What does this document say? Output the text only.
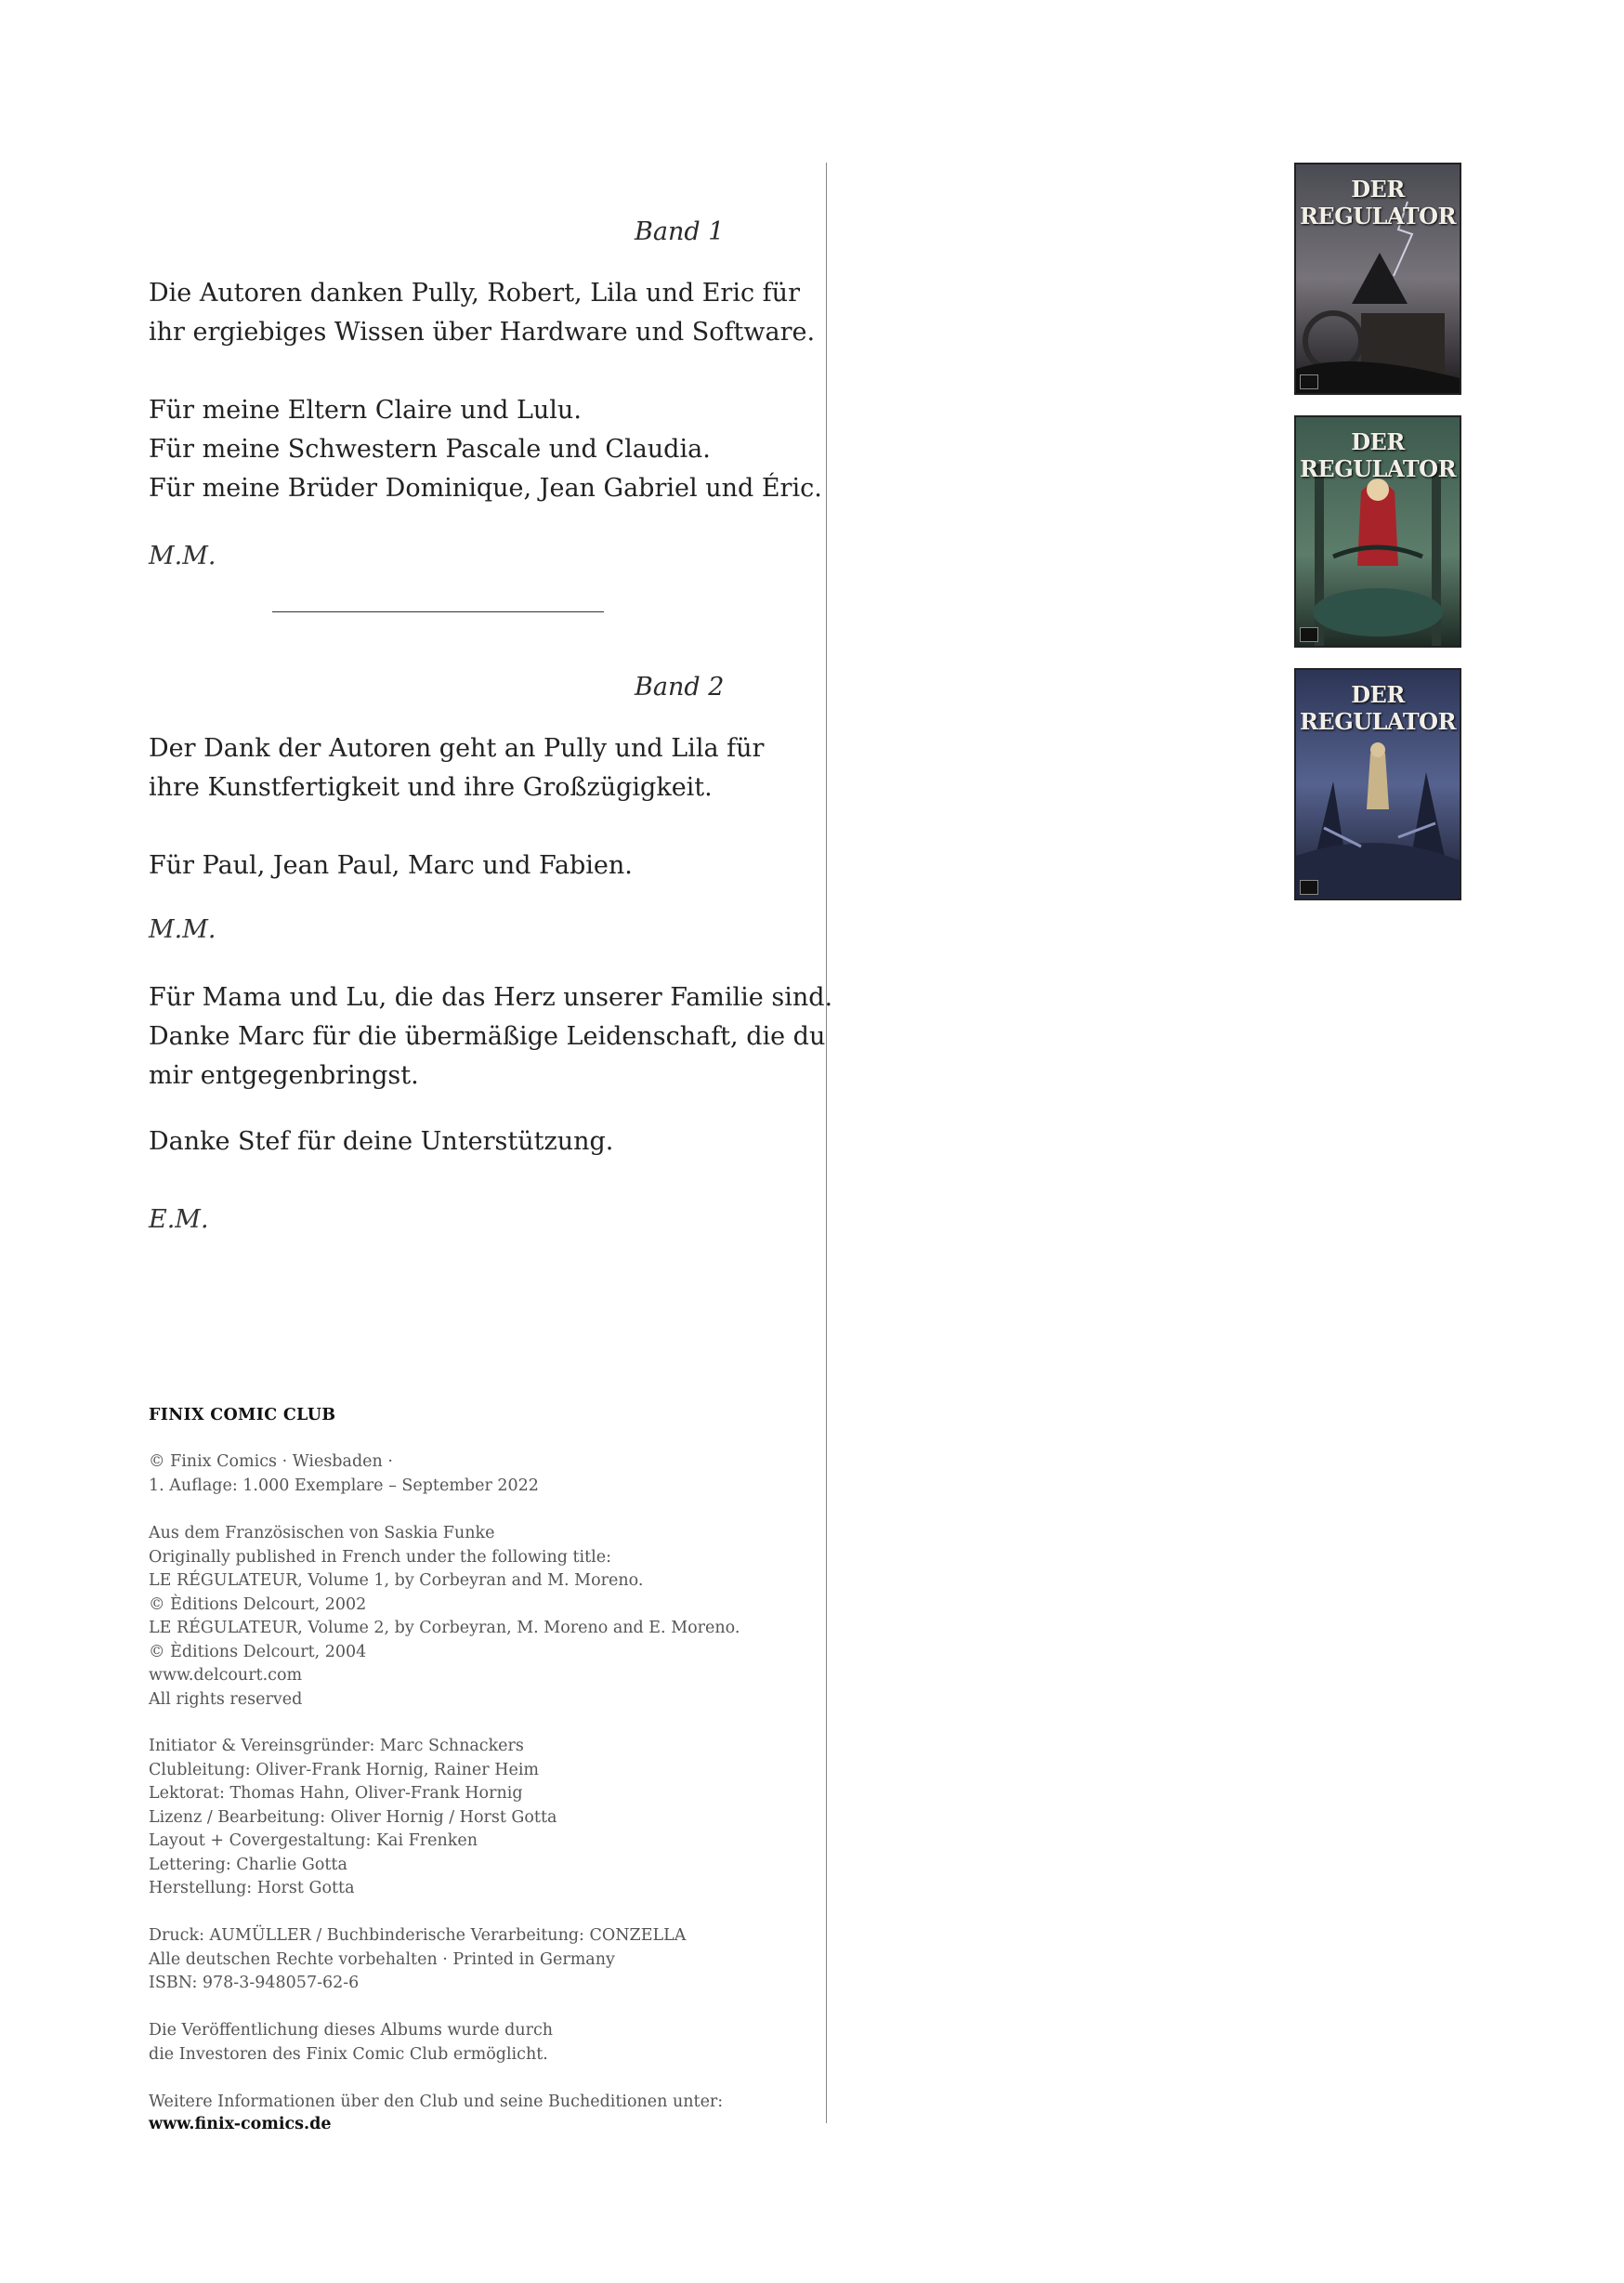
Band 1

Die Autoren danken Pully, Robert, Lila und Eric für

ihr ergiebiges Wissen über Hardware und Software.

Für meine Eltern Claire und Lulu.

Für meine Schwestern Pascale und Claudia.

Für meine Brüder Dominique, Jean Gabriel und Éric.

M.M.
Band 2

Der Dank der Autoren geht an Pully und Lila für

ihre Kunstfertigkeit und ihre Großzügigkeit.

Für Paul, Jean Paul, Marc und Fabien.

M.M.

Für Mama und Lu, die das Herz unserer Familie sind.

Danke Marc für die übermäßige Leidenschaft, die du

mir entgegenbringst.

Danke Stef für deine Unterstützung.

E.M.
FINIX COMIC CLUB

© Finix Comics · Wiesbaden ·

1. Auflage: 1.000 Exemplare – September 2022

Aus dem Französischen von Saskia Funke

Originally published in French under the following title:

LE RÉGULATEUR, Volume 1, by Corbeyran and M. Moreno.

© Èditions Delcourt, 2002

LE RÉGULATEUR, Volume 2, by Corbeyran, M. Moreno and E. Moreno.

© Èditions Delcourt, 2004

www.delcourt.com

All rights reserved

Initiator & Vereinsgründer: Marc Schnackers

Clubleitung: Oliver-Frank Hornig, Rainer Heim

Lektorat: Thomas Hahn, Oliver-Frank Hornig

Lizenz / Bearbeitung: Oliver Hornig / Horst Gotta

Layout + Covergestaltung: Kai Frenken

Lettering: Charlie Gotta

Herstellung: Horst Gotta

Druck: AUMÜLLER / Buchbinderische Verarbeitung: CONZELLA

Alle deutschen Rechte vorbehalten · Printed in Germany

ISBN: 978-3-948057-62-6

Die Veröffentlichung dieses Albums wurde durch

die Investoren des Finix Comic Club ermöglicht.

Weitere Informationen über den Club und seine Bucheditionen unter:
www.finix-comics.de
DER REGULATOR
DER REGULATOR
DER REGULATOR
